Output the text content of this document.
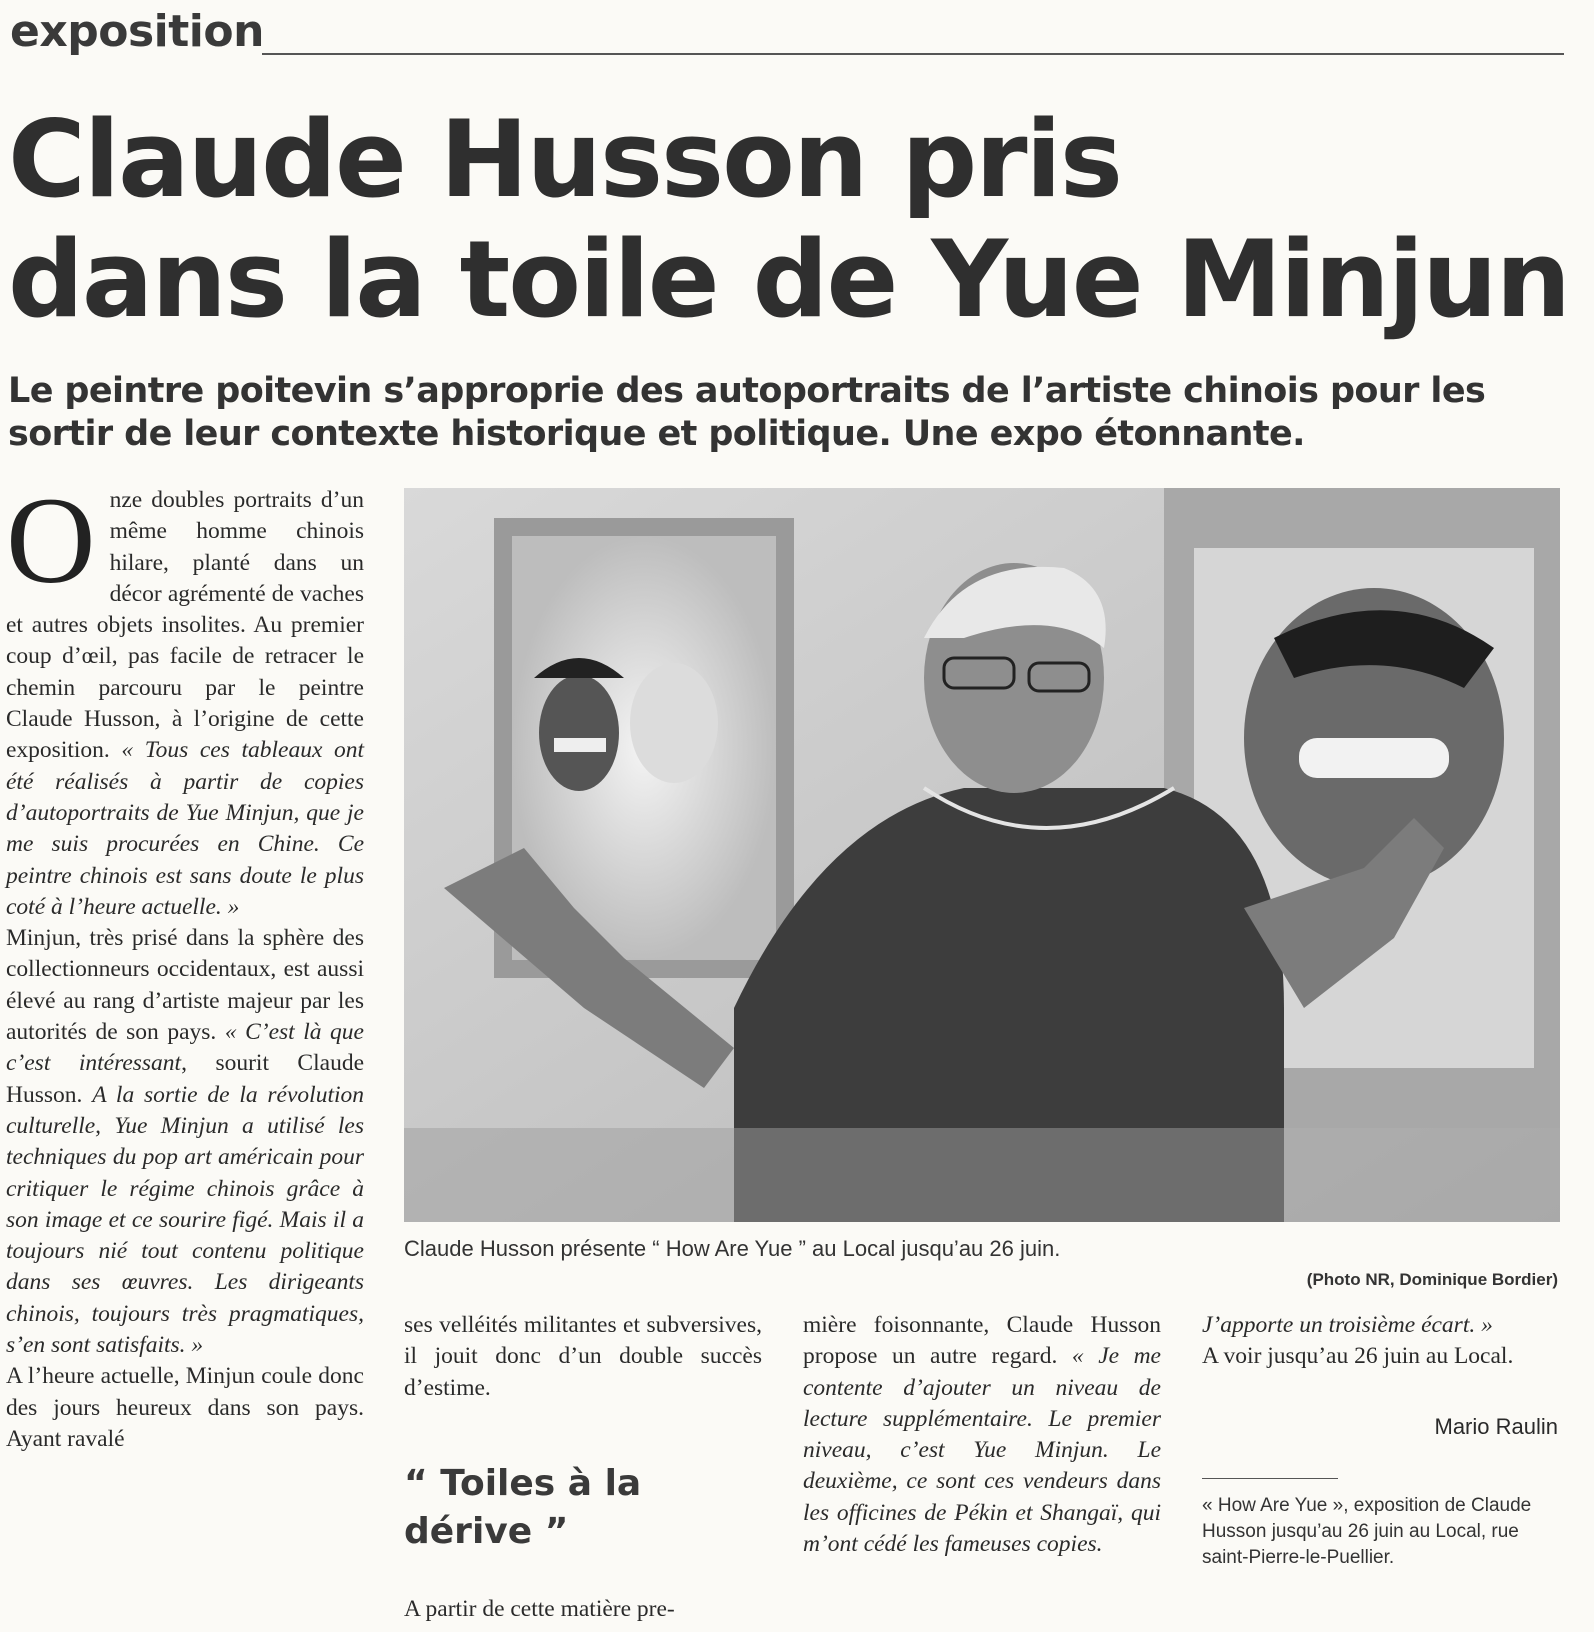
exposition
Claude Husson pris
dans la toile de Yue Minjun

Le peintre poitevin s’approprie des autoportraits de l’artiste chinois pour les sortir de leur contexte historique et politique. Une expo étonnante.

Onze doubles portraits d’un même homme chinois hilare, planté dans un décor agrémenté de vaches et autres objets insolites. Au premier coup d’œil, pas facile de retracer le chemin parcouru par le peintre Claude Husson, à l’origine de cette exposition. « Tous ces tableaux ont été réalisés à partir de copies d’autoportraits de Yue Minjun, que je me suis procurées en Chine. Ce peintre chinois est sans doute le plus coté à l’heure actuelle. »

Minjun, très prisé dans la sphère des collectionneurs occidentaux, est aussi élevé au rang d’artiste majeur par les autorités de son pays. « C’est là que c’est intéressant, sourit Claude Husson. A la sortie de la révolution culturelle, Yue Minjun a utilisé les techniques du pop art américain pour critiquer le régime chinois grâce à son image et ce sourire figé. Mais il a toujours nié tout contenu politique dans ses œuvres. Les dirigeants chinois, toujours très pragmatiques, s’en sont satisfaits. »

A l’heure actuelle, Minjun coule donc des jours heureux dans son pays. Ayant ravalé

Claude Husson présente “ How Are Yue ” au Local jusqu’au 26 juin.
(Photo NR, Dominique Bordier)

ses velléités militantes et subversives, il jouit donc d’un double succès d’estime.

“ Toiles à la dérive ”

A partir de cette matière pre-

mière foisonnante, Claude Husson propose un autre regard. « Je me contente d’ajouter un niveau de lecture supplémentaire. Le premier niveau, c’est Yue Minjun. Le deuxième, ce sont ces vendeurs dans les officines de Pékin et Shangaï, qui m’ont cédé les fameuses copies.

J’apporte un troisième écart. »

A voir jusqu’au 26 juin au Local.

Mario Raulin

« How Are Yue », exposition de Claude Husson jusqu’au 26 juin au Local, rue saint-Pierre-le-Puellier.
